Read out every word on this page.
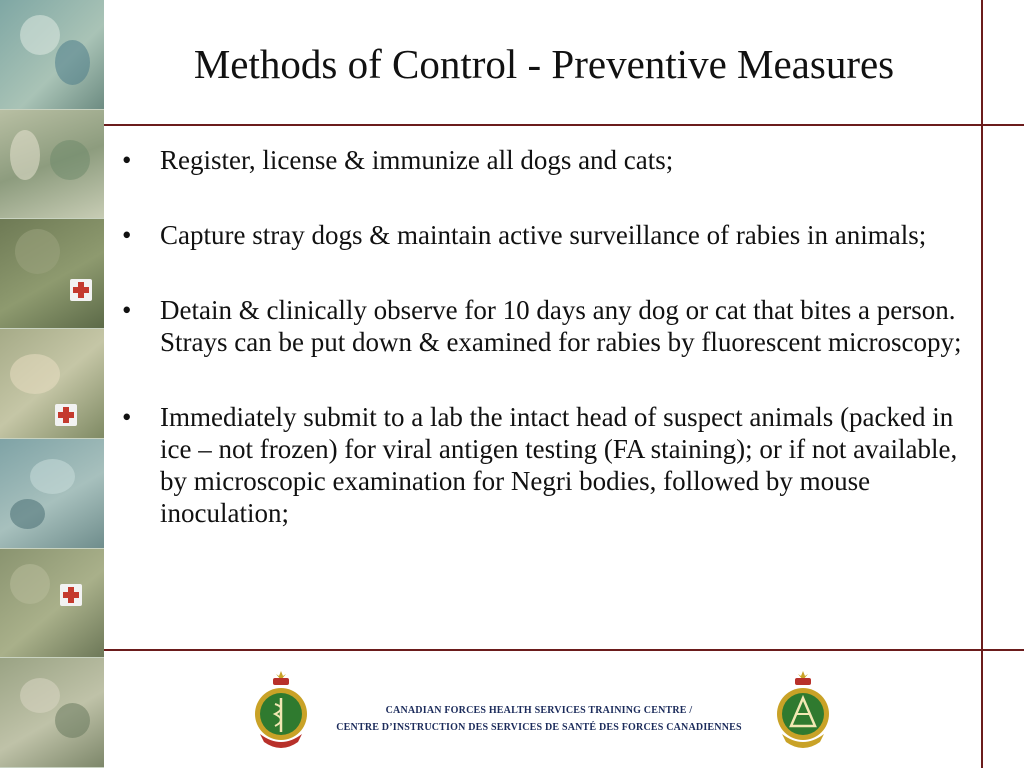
Methods of Control - Preventive Measures
• Register, license & immunize all dogs and cats;
• Capture stray dogs & maintain active surveillance of rabies in animals;
• Detain & clinically observe for 10 days any dog or cat that bites a person. Strays can be put down & examined for rabies by fluorescent microscopy;
• Immediately submit to a lab the intact head of suspect animals (packed in ice – not frozen) for viral antigen testing (FA staining); or if not available, by microscopic examination for Negri bodies, followed by mouse inoculation;
CANADIAN FORCES HEALTH SERVICES TRAINING CENTRE /
CENTRE D’INSTRUCTION DES SERVICES DE SANTÉ DES FORCES CANADIENNES
